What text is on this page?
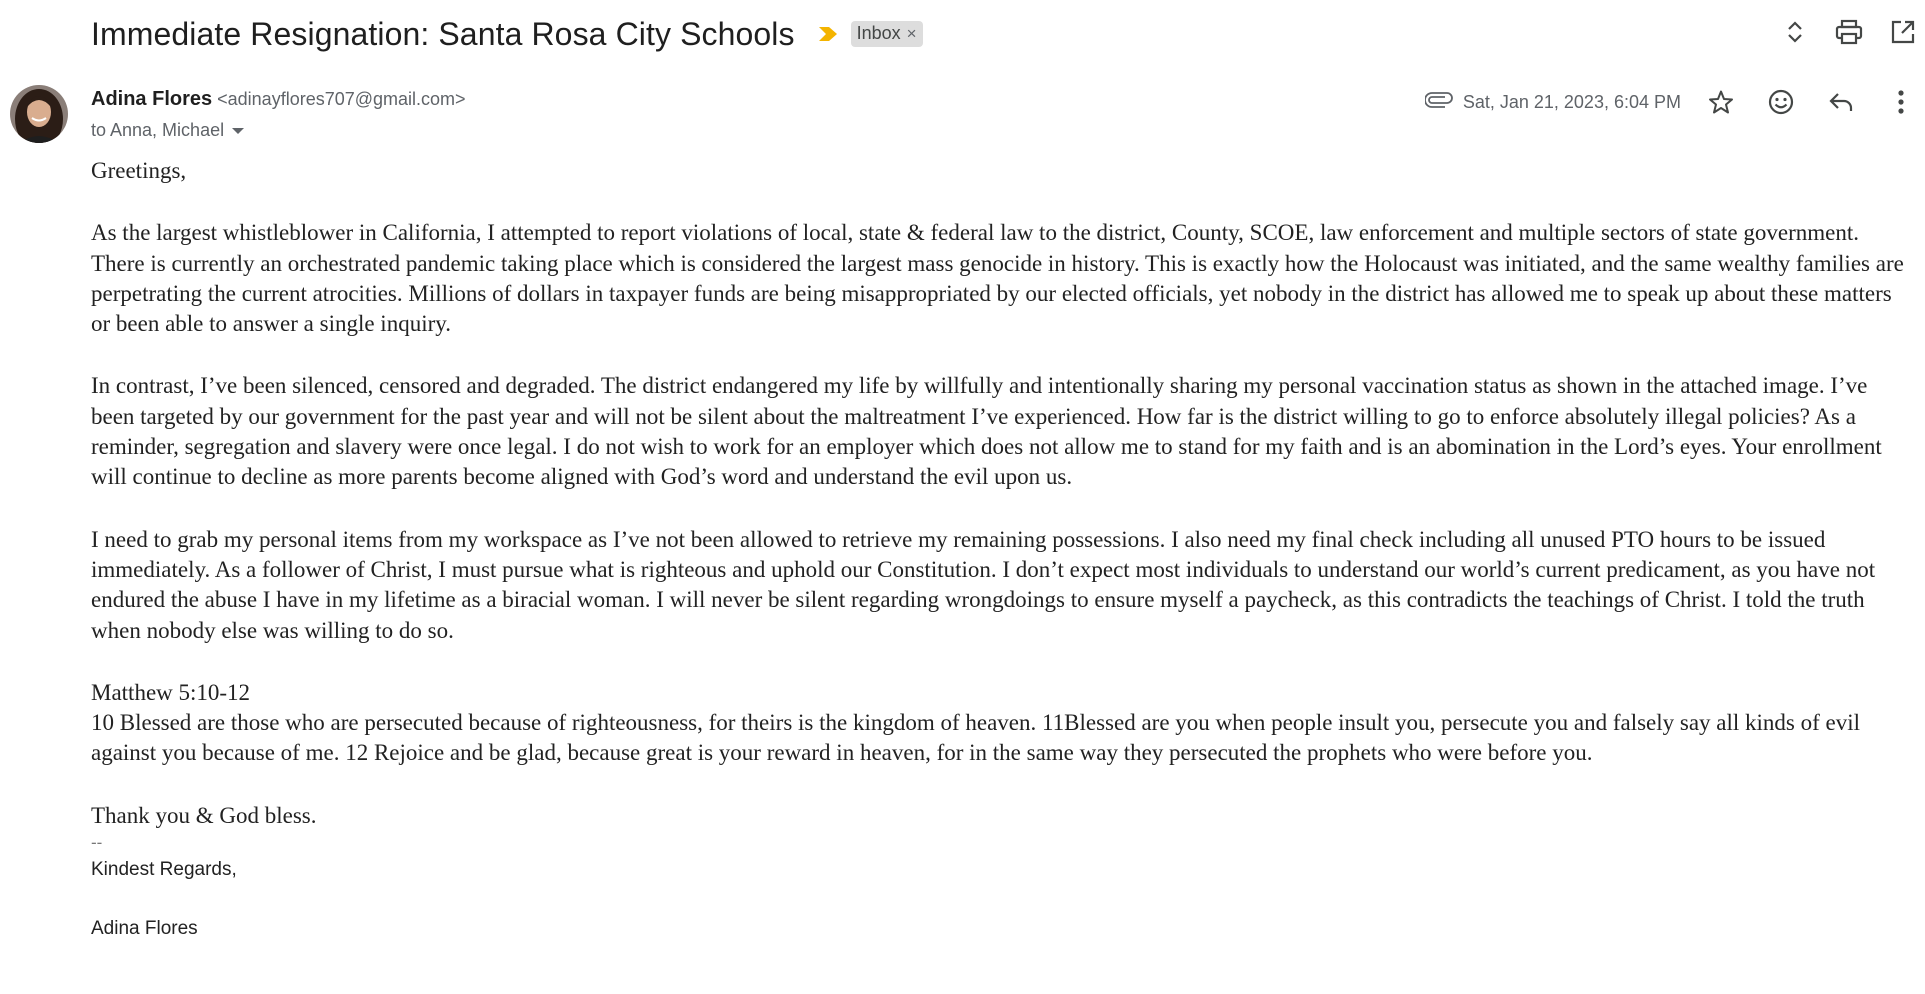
Immediate Resignation: Santa Rosa City Schools	Inbox ×
Adina Flores <adinayflores707@gmail.com>
to Anna, Michael
Sat, Jan 21, 2023, 6:04 PM

Greetings,

As the largest whistleblower in California, I attempted to report violations of local, state & federal law to the district, County, SCOE, law enforcement and multiple sectors of state government. There is currently an orchestrated pandemic taking place which is considered the largest mass genocide in history. This is exactly how the Holocaust was initiated, and the same wealthy families are perpetrating the current atrocities. Millions of dollars in taxpayer funds are being misappropriated by our elected officials, yet nobody in the district has allowed me to speak up about these matters or been able to answer a single inquiry.

In contrast, I’ve been silenced, censored and degraded. The district endangered my life by willfully and intentionally sharing my personal vaccination status as shown in the attached image. I’ve been targeted by our government for the past year and will not be silent about the maltreatment I’ve experienced. How far is the district willing to go to enforce absolutely illegal policies? As a reminder, segregation and slavery were once legal. I do not wish to work for an employer which does not allow me to stand for my faith and is an abomination in the Lord’s eyes. Your enrollment will continue to decline as more parents become aligned with God’s word and understand the evil upon us.

I need to grab my personal items from my workspace as I’ve not been allowed to retrieve my remaining possessions. I also need my final check including all unused PTO hours to be issued immediately. As a follower of Christ, I must pursue what is righteous and uphold our Constitution. I don’t expect most individuals to understand our world’s current predicament, as you have not endured the abuse I have in my lifetime as a biracial woman. I will never be silent regarding wrongdoings to ensure myself a paycheck, as this contradicts the teachings of Christ. I told the truth when nobody else was willing to do so.

Matthew 5:10-12

10 Blessed are those who are persecuted because of righteousness, for theirs is the kingdom of heaven. 11Blessed are you when people insult you, persecute you and falsely say all kinds of evil against you because of me. 12 Rejoice and be glad, because great is your reward in heaven, for in the same way they persecuted the prophets who were before you.

Thank you & God bless.

--

Kindest Regards,

Adina Flores
